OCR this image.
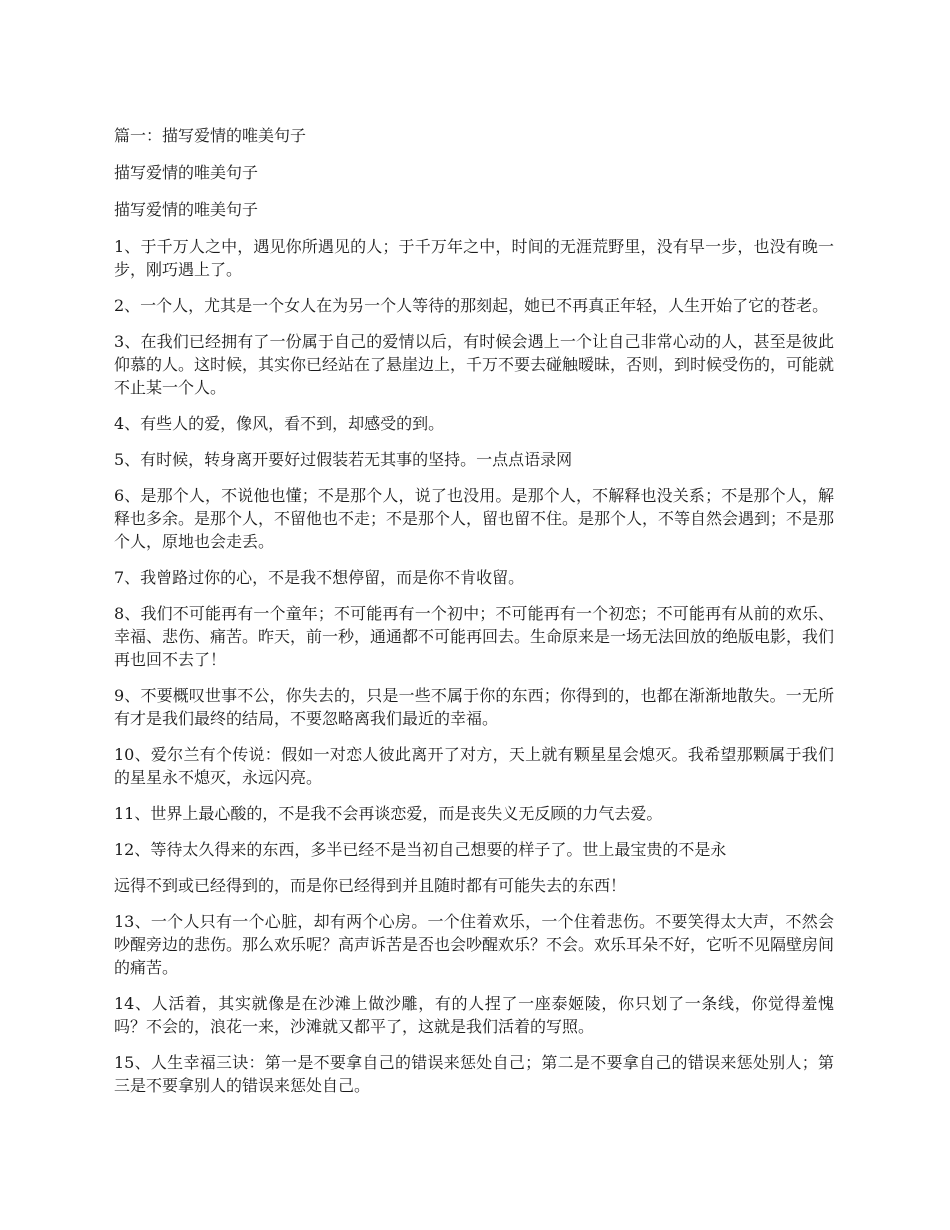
篇一：描写爱情的唯美句子

描写爱情的唯美句子

描写爱情的唯美句子

1、于千万人之中，遇见你所遇见的人；于千万年之中，时间的无涯荒野里，没有早一步，也没有晚一步，刚巧遇上了。

2、一个人，尤其是一个女人在为另一个人等待的那刻起，她已不再真正年轻，人生开始了它的苍老。

3、在我们已经拥有了一份属于自己的爱情以后，有时候会遇上一个让自己非常心动的人，甚至是彼此仰慕的人。这时候，其实你已经站在了悬崖边上，千万不要去碰触暧昧，否则，到时候受伤的，可能就不止某一个人。

4、有些人的爱，像风，看不到，却感受的到。

5、有时候，转身离开要好过假装若无其事的坚持。一点点语录网

6、是那个人，不说他也懂；不是那个人，说了也没用。是那个人，不解释也没关系；不是那个人，解释也多余。是那个人，不留他也不走；不是那个人，留也留不住。是那个人，不等自然会遇到；不是那个人，原地也会走丢。

7、我曾路过你的心，不是我不想停留，而是你不肯收留。

8、我们不可能再有一个童年；不可能再有一个初中；不可能再有一个初恋；不可能再有从前的欢乐、幸福、悲伤、痛苦。昨天，前一秒，通通都不可能再回去。生命原来是一场无法回放的绝版电影，我们再也回不去了！

9、不要概叹世事不公，你失去的，只是一些不属于你的东西；你得到的，也都在渐渐地散失。一无所有才是我们最终的结局，不要忽略离我们最近的幸福。

10、爱尔兰有个传说：假如一对恋人彼此离开了对方，天上就有颗星星会熄灭。我希望那颗属于我们的星星永不熄灭，永远闪亮。

11、世界上最心酸的，不是我不会再谈恋爱，而是丧失义无反顾的力气去爱。

12、等待太久得来的东西，多半已经不是当初自己想要的样子了。世上最宝贵的不是永

远得不到或已经得到的，而是你已经得到并且随时都有可能失去的东西！

13、一个人只有一个心脏，却有两个心房。一个住着欢乐，一个住着悲伤。不要笑得太大声，不然会吵醒旁边的悲伤。那么欢乐呢？高声诉苦是否也会吵醒欢乐？不会。欢乐耳朵不好，它听不见隔壁房间的痛苦。

14、人活着，其实就像是在沙滩上做沙雕，有的人捏了一座泰姬陵，你只划了一条线，你觉得羞愧吗？不会的，浪花一来，沙滩就又都平了，这就是我们活着的写照。

15、人生幸福三诀：第一是不要拿自己的错误来惩处自己；第二是不要拿自己的错误来惩处别人；第三是不要拿别人的错误来惩处自己。
